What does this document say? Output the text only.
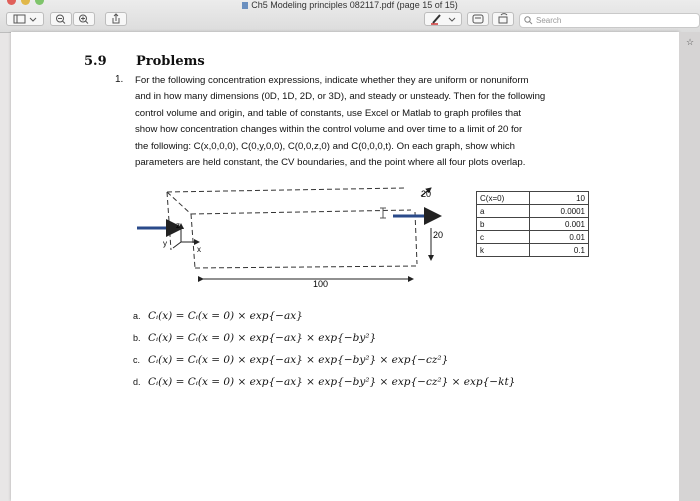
Ch5 Modeling principles 082117.pdf (page 15 of 15)
Search
☆
5.9 Problems
1. For the following concentration expressions, indicate whether they are uniform or nonuniform
and in how many dimensions (0D, 1D, 2D, or 3D), and steady or unsteady. Then for the following
control volume and origin, and table of constants, use Excel or Matlab to graph profiles that
show how concentration changes within the control volume and over time to a limit of 20 for
the following: C(x,0,0,0), C(0,y,0,0), C(0,0,z,0) and C(0,0,0,t). On each graph, show which
parameters are held constant, the CV boundaries, and the point where all four plots overlap.
z
x
y
100
20
20
C(x=0)	10
a	0.0001
b	0.001
c	0.01
k	0.1
a. Cᵢ(x) = Cᵢ(x = 0) × exp{−ax}
b. Cᵢ(x) = Cᵢ(x = 0) × exp{−ax} × exp{−by²}
c. Cᵢ(x) = Cᵢ(x = 0) × exp{−ax} × exp{−by²} × exp{−cz²}
d. Cᵢ(x) = Cᵢ(x = 0) × exp{−ax} × exp{−by²} × exp{−cz²} × exp{−kt}
